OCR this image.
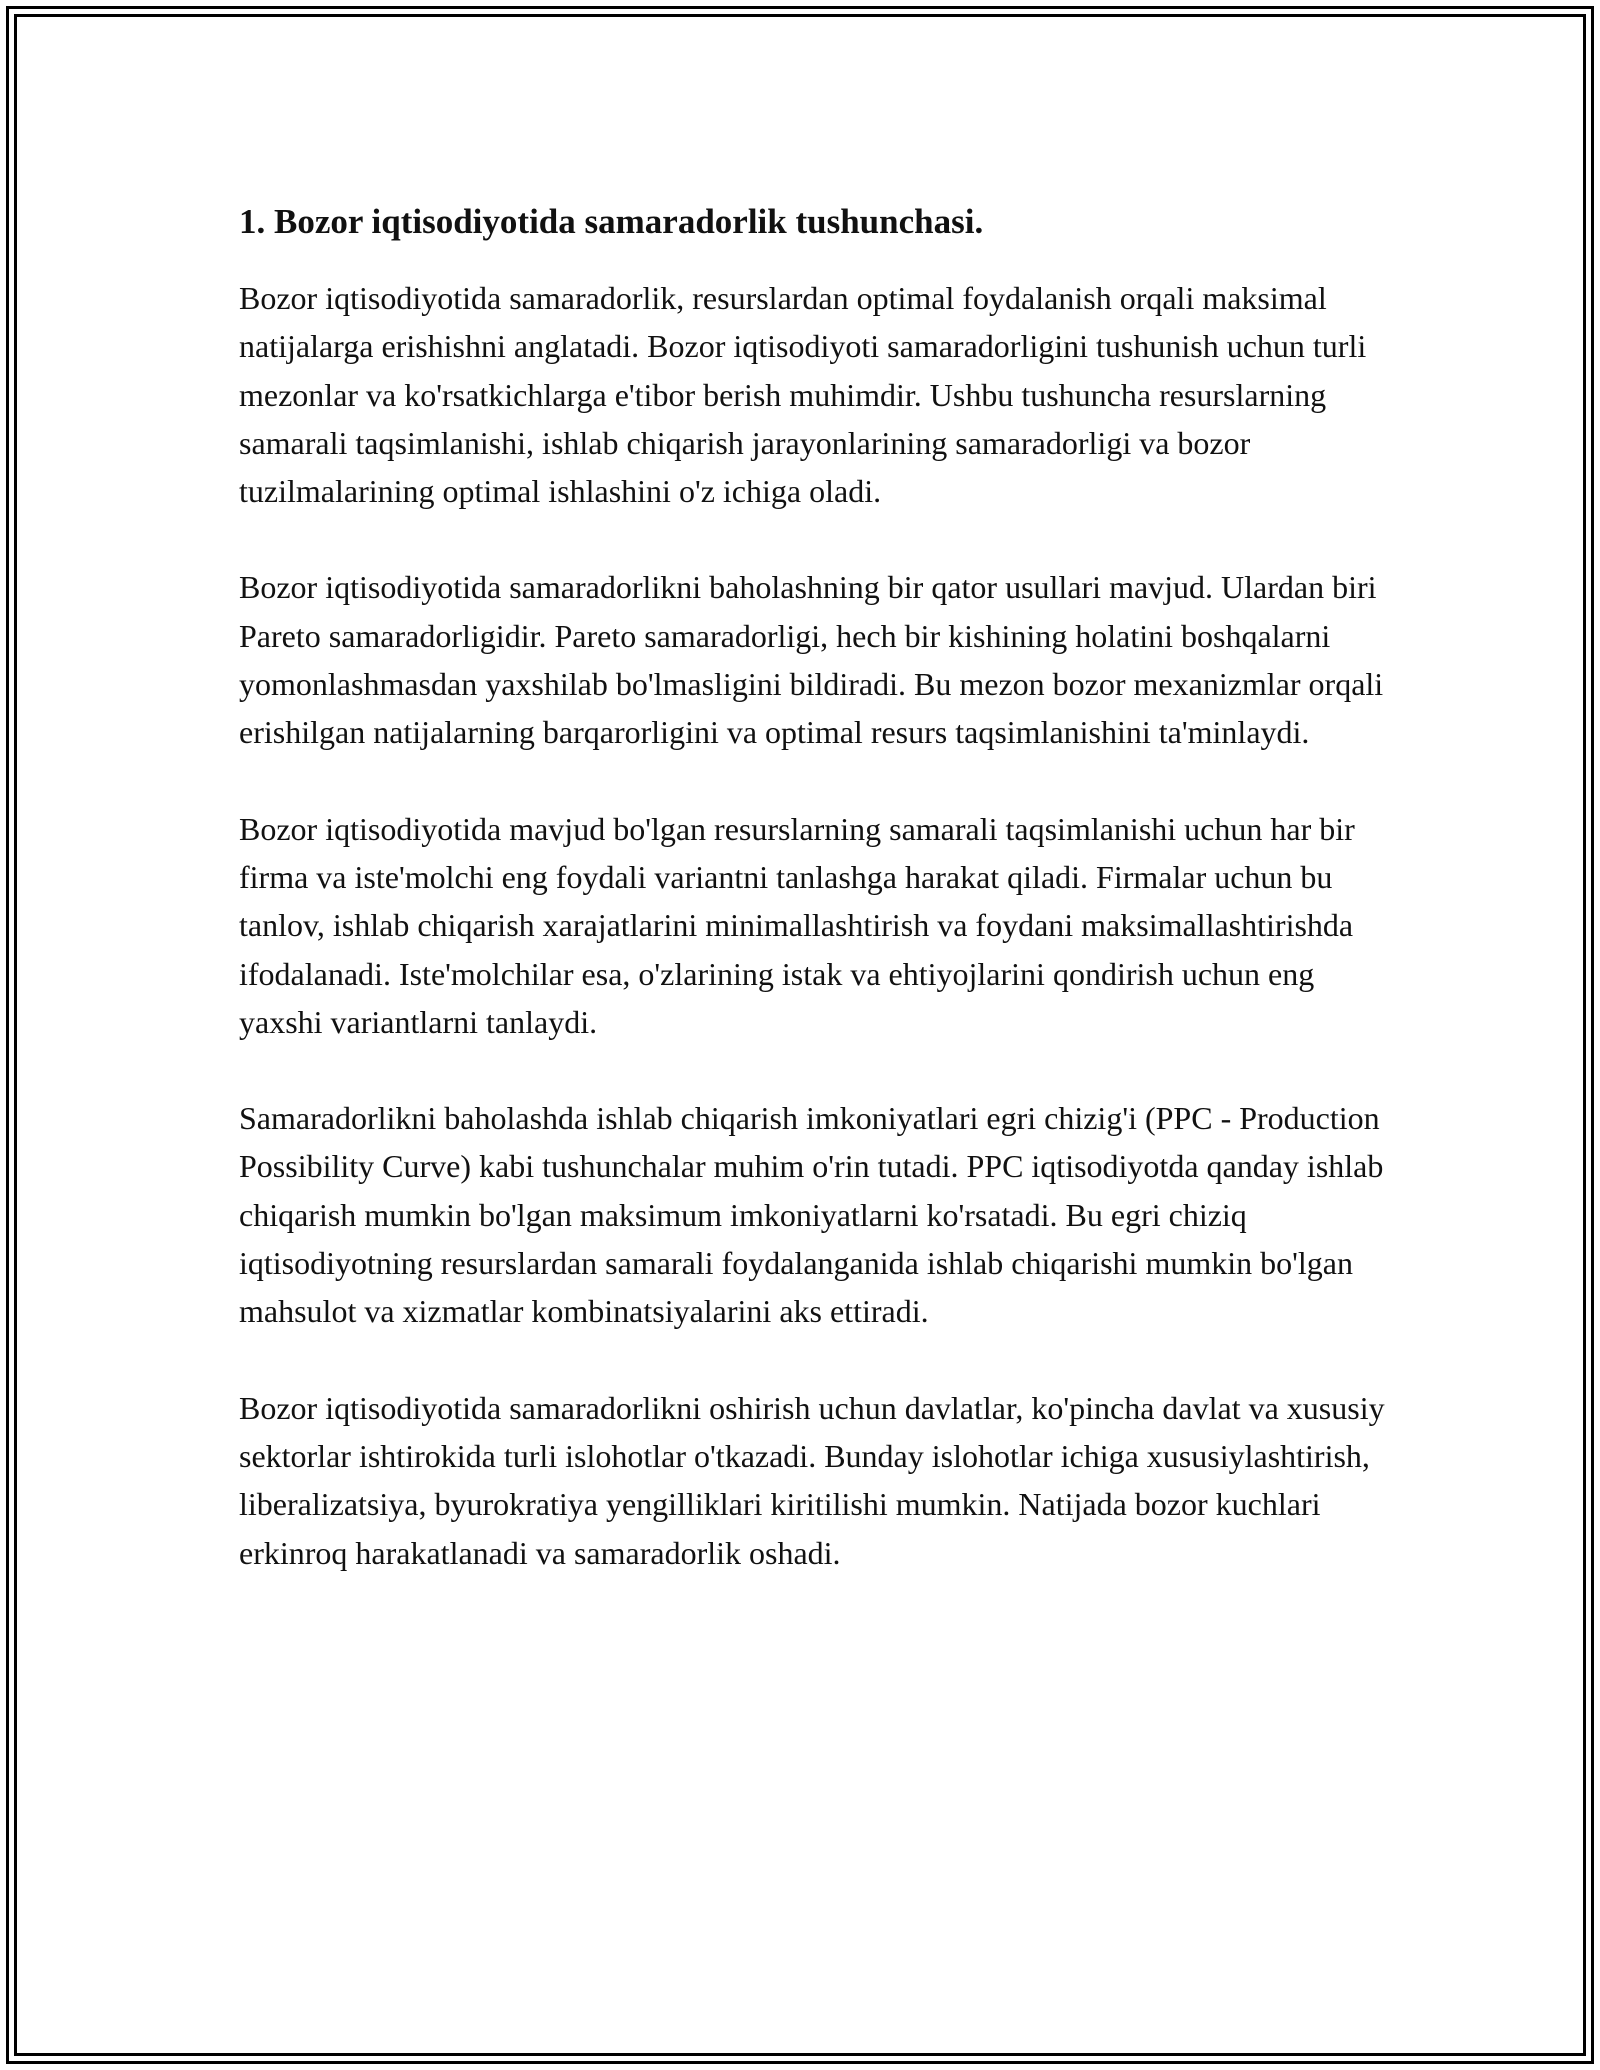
1. Bozor iqtisodiyotida samaradorlik tushunchasi.

Bozor iqtisodiyotida samaradorlik, resurslardan optimal foydalanish orqali maksimal natijalarga erishishni anglatadi. Bozor iqtisodiyoti samaradorligini tushunish uchun turli mezonlar va ko'rsatkichlarga e'tibor berish muhimdir. Ushbu tushuncha resurslarning samarali taqsimlanishi, ishlab chiqarish jarayonlarining samaradorligi va bozor tuzilmalarining optimal ishlashini o'z ichiga oladi.

Bozor iqtisodiyotida samaradorlikni baholashning bir qator usullari mavjud. Ulardan biri Pareto samaradorligidir. Pareto samaradorligi, hech bir kishining holatini boshqalarni yomonlashmasdan yaxshilab bo'lmasligini bildiradi. Bu mezon bozor mexanizmlar orqali erishilgan natijalarning barqarorligini va optimal resurs taqsimlanishini ta'minlaydi.

Bozor iqtisodiyotida mavjud bo'lgan resurslarning samarali taqsimlanishi uchun har bir firma va iste'molchi eng foydali variantni tanlashga harakat qiladi. Firmalar uchun bu tanlov, ishlab chiqarish xarajatlarini minimallashtirish va foydani maksimallashtirishda ifodalanadi. Iste'molchilar esa, o'zlarining istak va ehtiyojlarini qondirish uchun eng yaxshi variantlarni tanlaydi.

Samaradorlikni baholashda ishlab chiqarish imkoniyatlari egri chizig'i (PPC - Production Possibility Curve) kabi tushunchalar muhim o'rin tutadi. PPC iqtisodiyotda qanday ishlab chiqarish mumkin bo'lgan maksimum imkoniyatlarni ko'rsatadi. Bu egri chiziq iqtisodiyotning resurslardan samarali foydalanganida ishlab chiqarishi mumkin bo'lgan mahsulot va xizmatlar kombinatsiyalarini aks ettiradi.

Bozor iqtisodiyotida samaradorlikni oshirish uchun davlatlar, ko'pincha davlat va xususiy sektorlar ishtirokida turli islohotlar o'tkazadi. Bunday islohotlar ichiga xususiylashtirish, liberalizatsiya, byurokratiya yengilliklari kiritilishi mumkin. Natijada bozor kuchlari erkinroq harakatlanadi va samaradorlik oshadi.
